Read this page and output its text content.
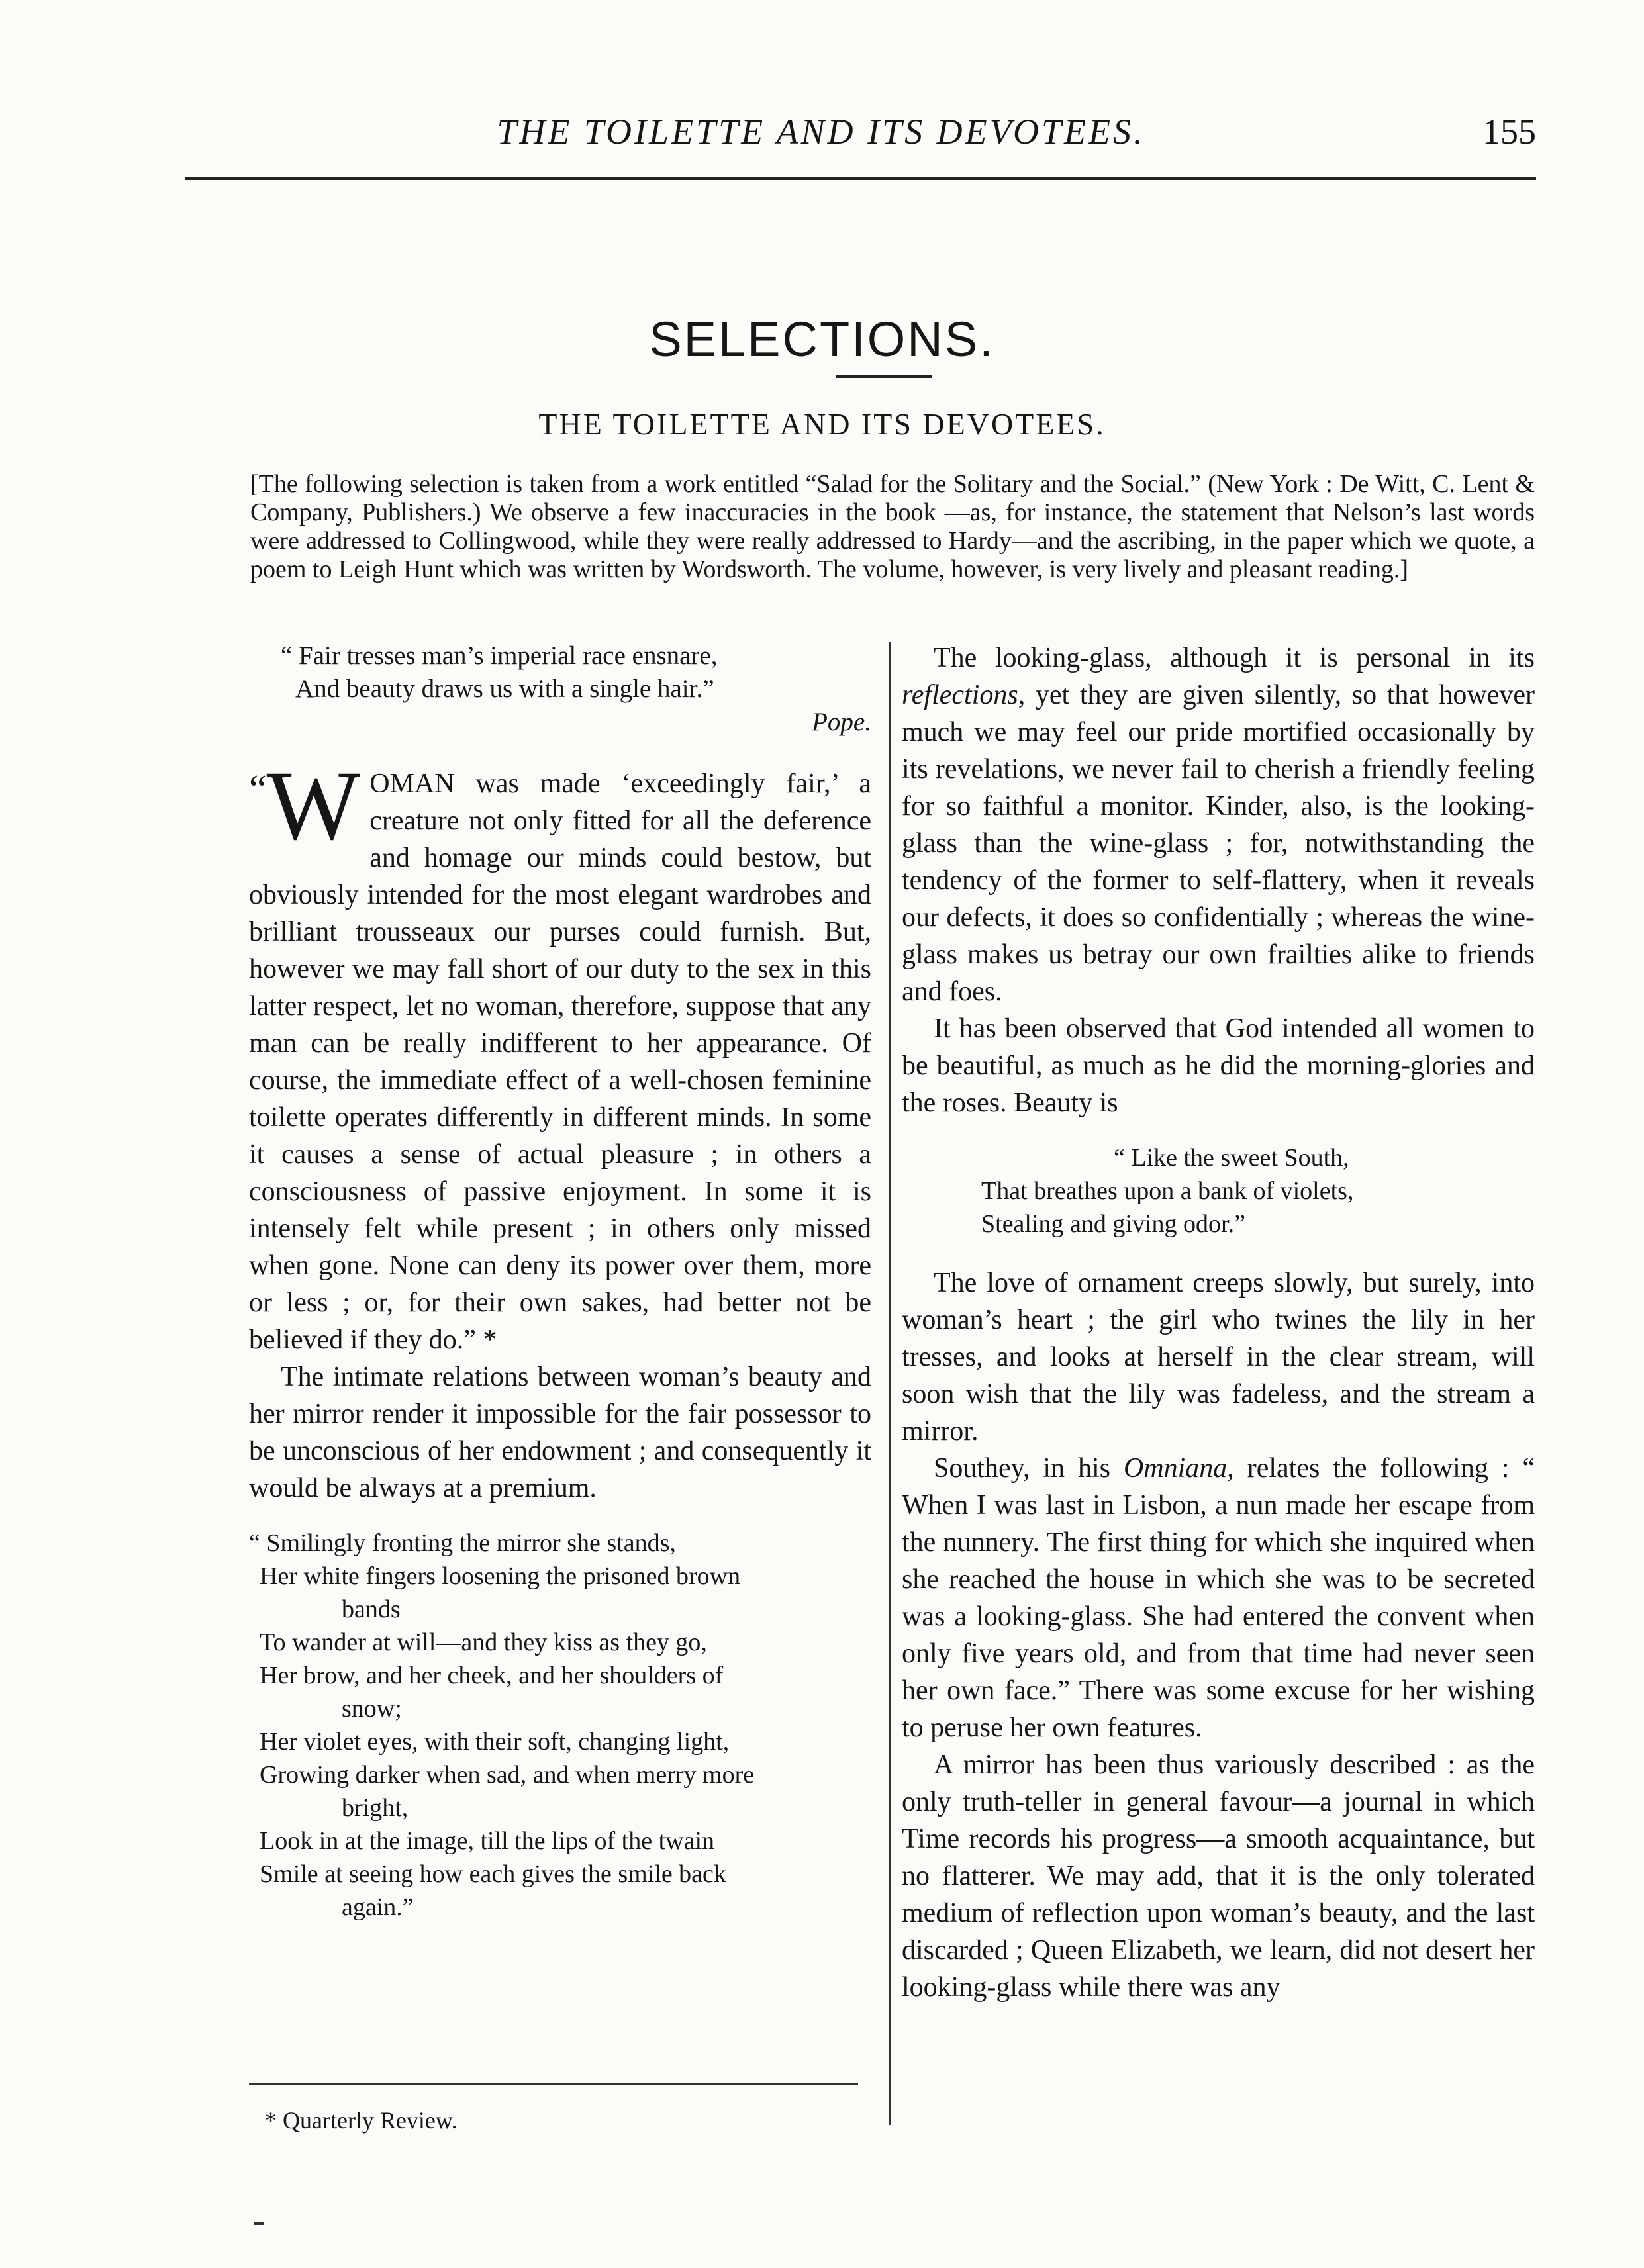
THE TOILETTE AND ITS DEVOTEES.	155
SELECTIONS.
THE TOILETTE AND ITS DEVOTEES.

[The following selection is taken from a work entitled “Salad for the Solitary and the Social.” (New York : De Witt, C. Lent & Company, Publishers.) We observe a few inaccuracies in the book —as, for instance, the statement that Nelson’s last words were addressed to Collingwood, while they were really addressed to Hardy—and the ascribing, in the paper which we quote, a poem to Leigh Hunt which was written by Wordsworth. The volume, however, is very lively and pleasant reading.]

“ Fair tresses man’s imperial race ensnare,
And beauty draws us with a single hair.”
Pope.

“W OMAN was made ‘exceedingly fair,’ a creature not only fitted for all the deference and homage our minds could bestow, but obviously intended for the most elegant wardrobes and brilliant trousseaux our purses could furnish. But, however we may fall short of our duty to the sex in this latter respect, let no woman, therefore, suppose that any man can be really indifferent to her appearance. Of course, the immediate effect of a well-chosen feminine toilette operates differently in different minds. In some it causes a sense of actual pleasure ; in others a consciousness of passive enjoyment. In some it is intensely felt while present ; in others only missed when gone. None can deny its power over them, more or less ; or, for their own sakes, had better not be believed if they do.” *

The intimate relations between woman’s beauty and her mirror render it impossible for the fair possessor to be unconscious of her endowment ; and consequently it would be always at a premium.

“ Smilingly fronting the mirror she stands,
Her white fingers loosening the prisoned brown
bands
To wander at will—and they kiss as they go,
Her brow, and her cheek, and her shoulders of
snow;
Her violet eyes, with their soft, changing light,
Growing darker when sad, and when merry more
bright,
Look in at the image, till the lips of the twain
Smile at seeing how each gives the smile back
again.”

The looking-glass, although it is personal in its reflections, yet they are given silently, so that however much we may feel our pride mortified occasionally by its revelations, we never fail to cherish a friendly feeling for so faithful a monitor. Kinder, also, is the looking-glass than the wine-glass ; for, notwithstanding the tendency of the former to self-flattery, when it reveals our defects, it does so confidentially ; whereas the wine-glass makes us betray our own frailties alike to friends and foes.

It has been observed that God intended all women to be beautiful, as much as he did the morning-glories and the roses. Beauty is

“ Like the sweet South,
That breathes upon a bank of violets,
Stealing and giving odor.”

The love of ornament creeps slowly, but surely, into woman’s heart ; the girl who twines the lily in her tresses, and looks at herself in the clear stream, will soon wish that the lily was fadeless, and the stream a mirror.

Southey, in his Omniana, relates the following : “ When I was last in Lisbon, a nun made her escape from the nunnery. The first thing for which she inquired when she reached the house in which she was to be secreted was a looking-glass. She had entered the convent when only five years old, and from that time had never seen her own face.” There was some excuse for her wishing to peruse her own features.

A mirror has been thus variously described : as the only truth-teller in general favour—a journal in which Time records his progress—a smooth acquaintance, but no flatterer. We may add, that it is the only tolerated medium of reflection upon woman’s beauty, and the last discarded ; Queen Elizabeth, we learn, did not desert her looking-glass while there was any

* Quarterly Review.
